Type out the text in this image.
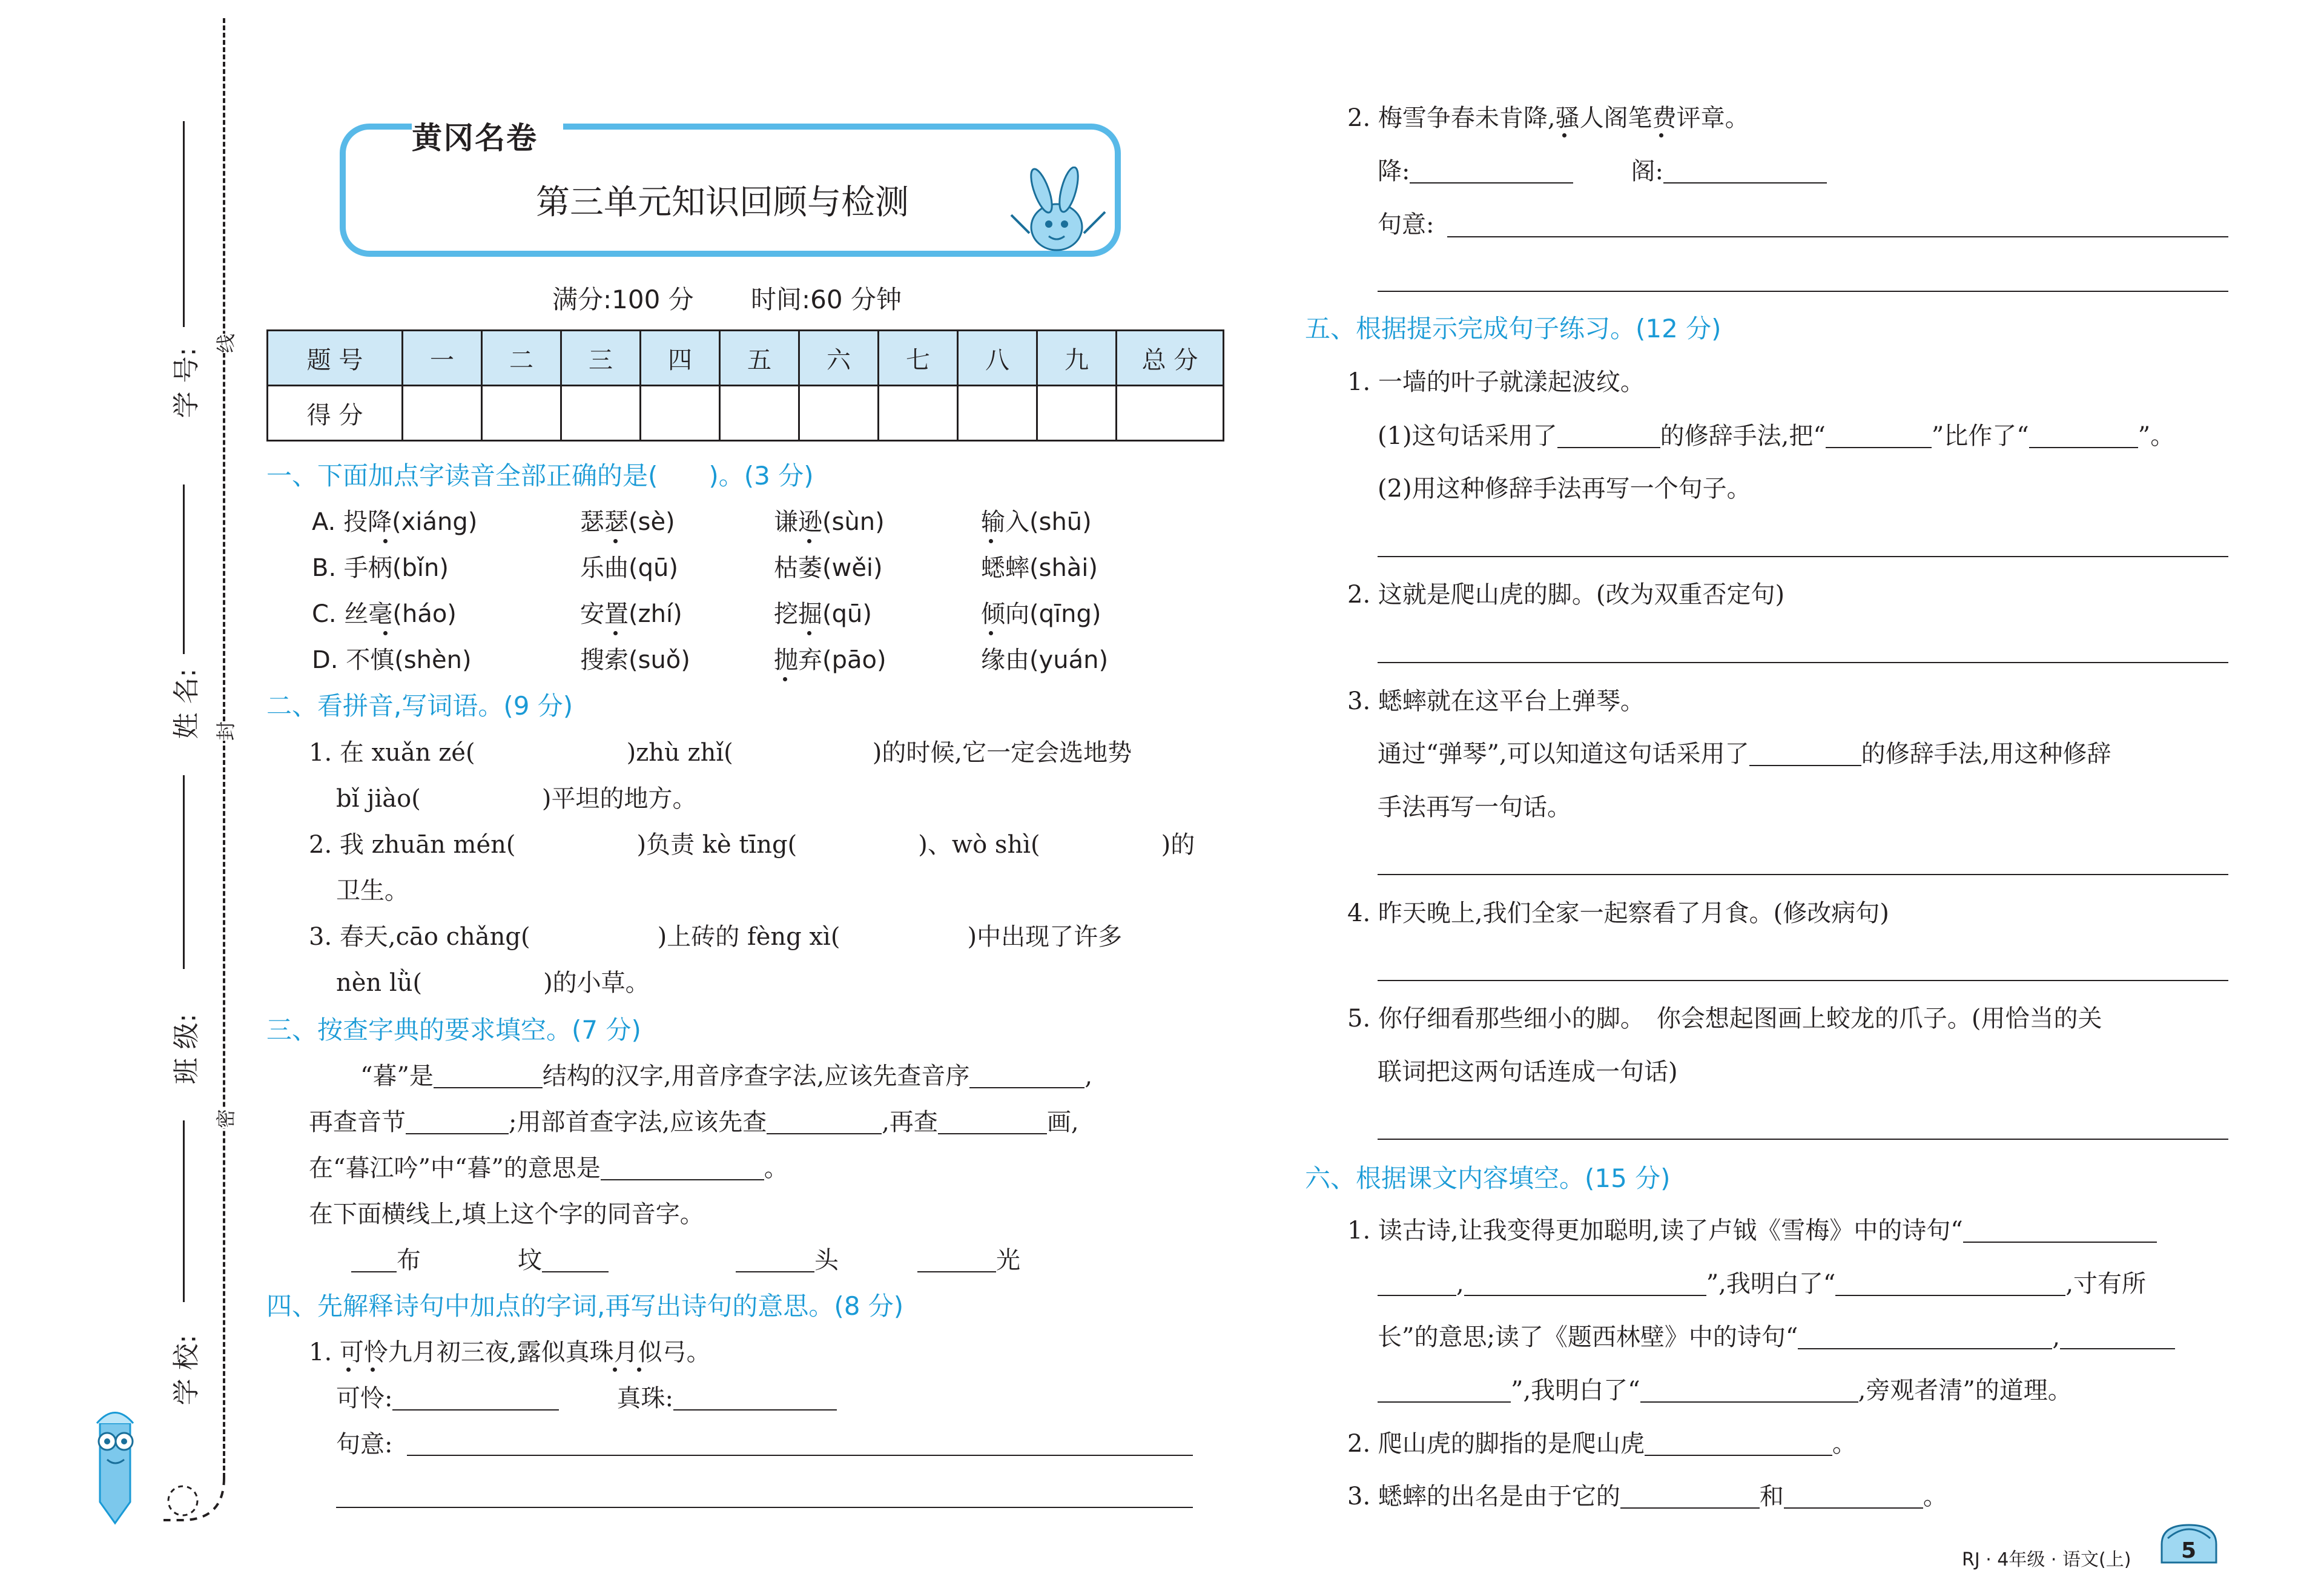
线
封
密
学 号:
姓 名:
班 级:
学 校:
黄冈名卷
第三单元知识回顾与检测
满分:100 分 时间:60 分钟
题 号	一	二	三	四	五	六	七	八	九	总 分
得 分										
一、下面加点字读音全部正确的是(　　)。(3 分)
A. 投降(xiáng)	瑟瑟(sè)	谦逊(sùn)	输入(shū)
B. 手柄(bǐn)	乐曲(qū)	枯萎(wěi)	蟋蟀(shài)
C. 丝毫(háo)	安置(zhí)	挖掘(qū)	倾向(qīng)
D. 不慎(shèn)	搜索(suǒ)	抛弃(pāo)	缘由(yuán)
二、看拼音,写词语。(9 分)
1. 在 xuǎn zé(	)zhù zhǐ(	)的时候,它一定会选地势
bǐ jiào(	)平坦的地方。
2. 我 zhuān mén(	)负责 kè tīng(	)、wò shì(	)的
卫生。
3. 春天,cāo chǎng(	)上砖的 fèng xì(	)中出现了许多
nèn lǜ(	)的小草。
三、按查字典的要求填空。(7 分)
“暮”是	结构的汉字,用音序查字法,应该先查音序	,
再查音节	;用部首查字法,应该先查	,再查	画,
在“暮江吟”中“暮”的意思是	。
在下面横线上,填上这个字的同音字。
布	坟	头	光
四、先解释诗句中加点的字词,再写出诗句的意思。(8 分)
1. 可怜九月初三夜,露似真珠月似弓。
可怜:	真珠:
句意:
2. 梅雪争春未肯降,骚人阁笔费评章。
降:	阁:
句意:
五、根据提示完成句子练习。(12 分)
1. 一墙的叶子就漾起波纹。
(1)这句话采用了	的修辞手法,把“	”比作了“	”。
(2)用这种修辞手法再写一个句子。
2. 这就是爬山虎的脚。(改为双重否定句)
3. 蟋蟀就在这平台上弹琴。
通过“弹琴”,可以知道这句话采用了	的修辞手法,用这种修辞
手法再写一句话。
4. 昨天晚上,我们全家一起察看了月食。(修改病句)
5. 你仔细看那些细小的脚。　你会想起图画上蛟龙的爪子。(用恰当的关
联词把这两句话连成一句话)
六、根据课文内容填空。(15 分)
1. 读古诗,让我变得更加聪明,读了卢钺《雪梅》中的诗句“
,	”,我明白了“	,寸有所
长”的意思;读了《题西林壁》中的诗句“	,
”,我明白了“	,旁观者清”的道理。
2. 爬山虎的脚指的是爬山虎	。
3. 蟋蟀的出名是由于它的	和	。
RJ · 4年级 · 语文(上) 5
